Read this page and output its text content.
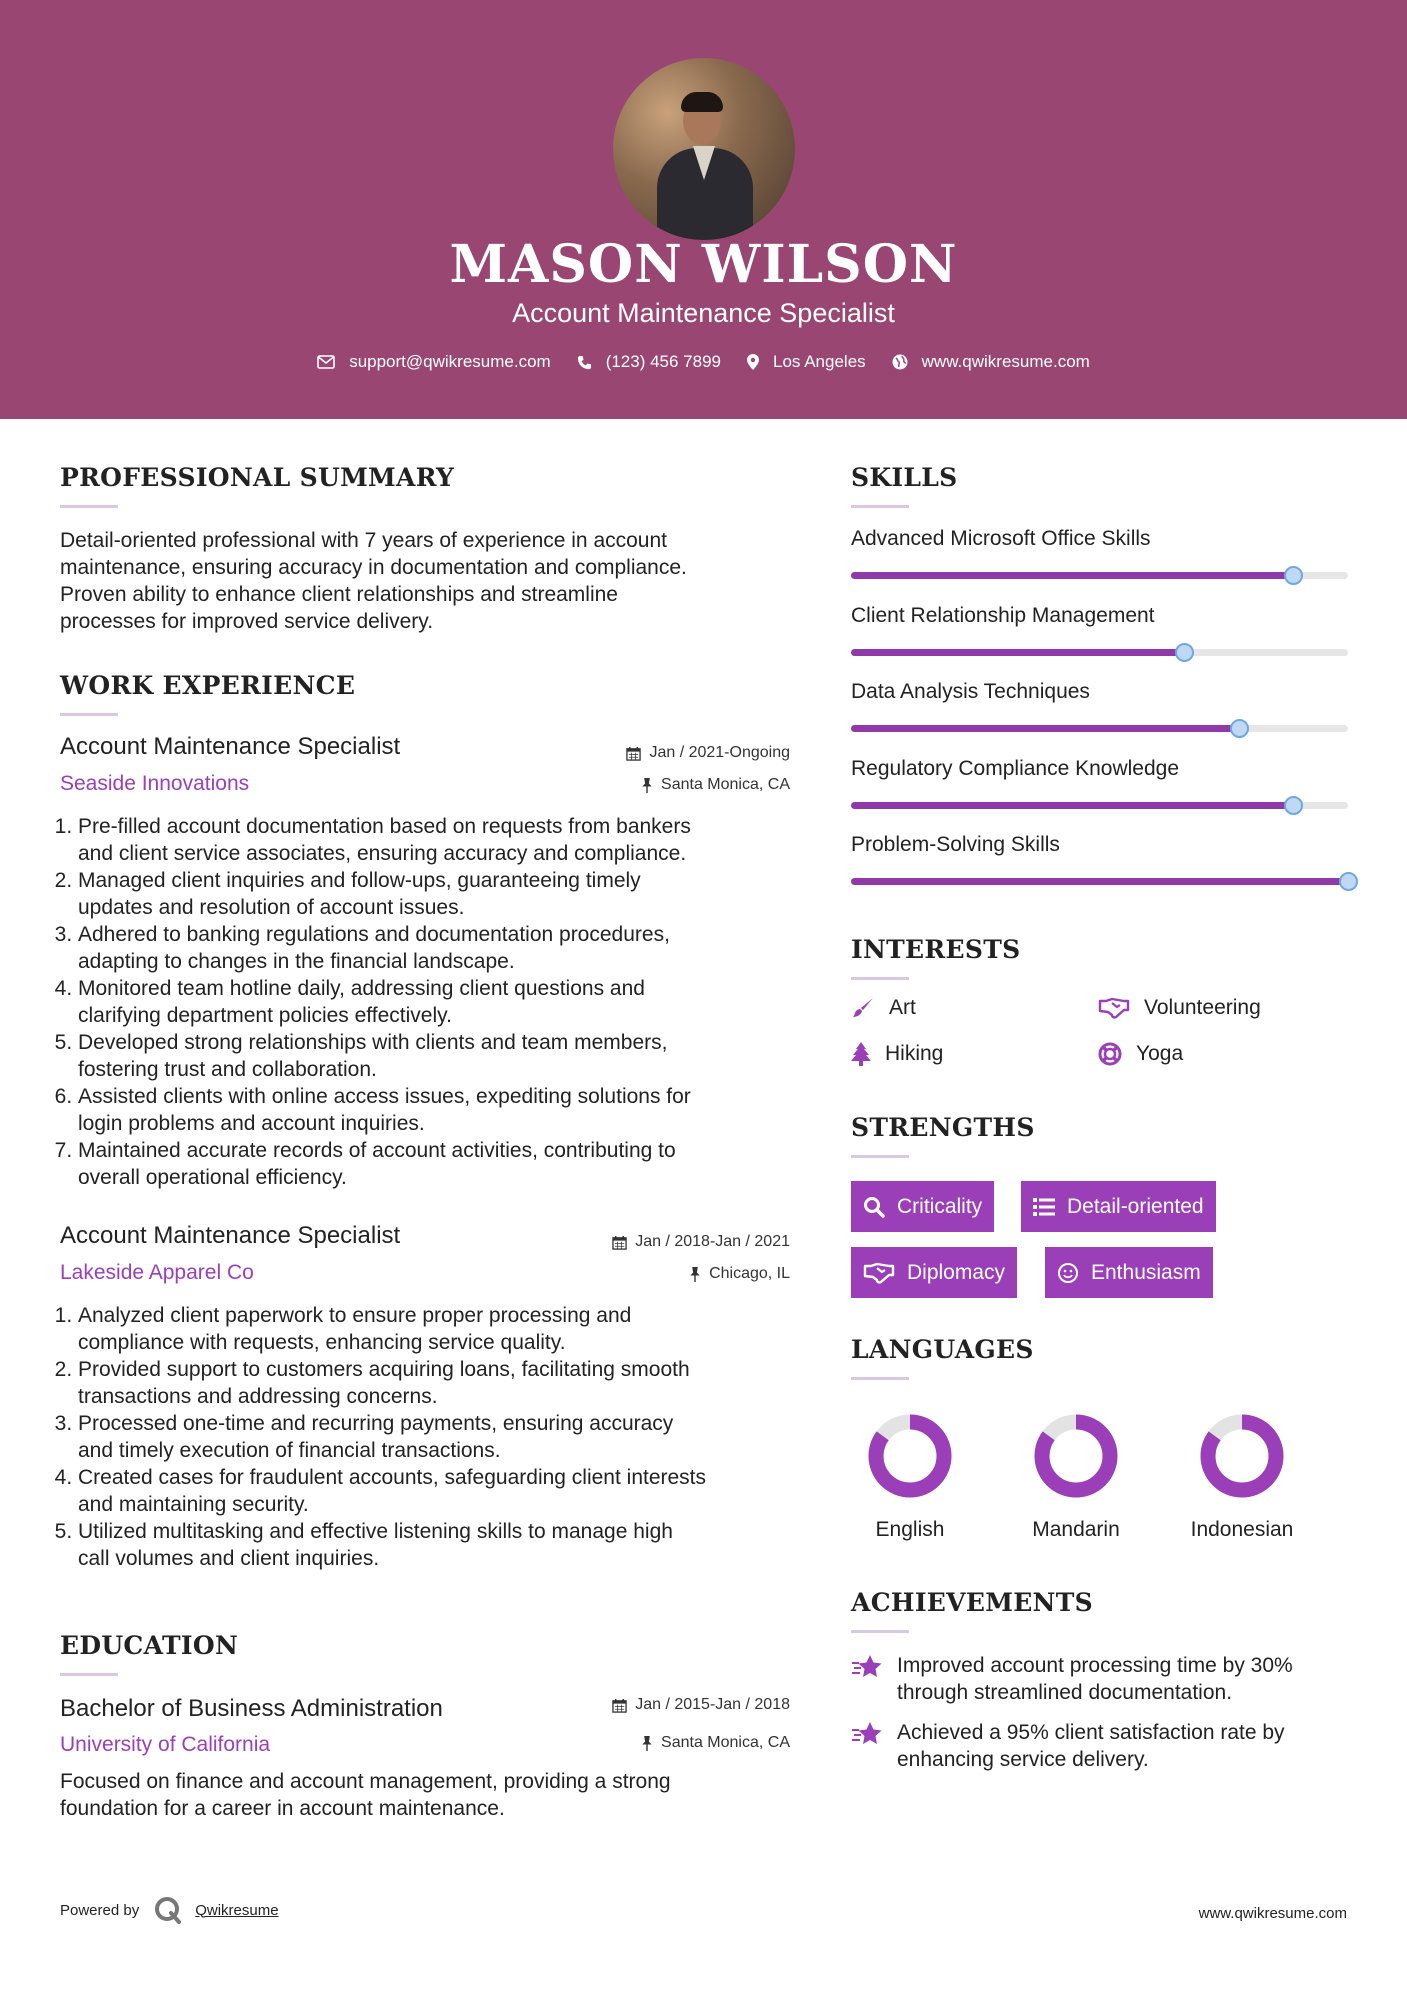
MASON WILSON
Account Maintenance Specialist
support@qwikresume.com	(123) 456 7899	Los Angeles	www.qwikresume.com
PROFESSIONAL SUMMARY
Detail-oriented professional with 7 years of experience in account
maintenance, ensuring accuracy in documentation and compliance.
Proven ability to enhance client relationships and streamline
processes for improved service delivery.
WORK EXPERIENCE
Account Maintenance Specialist	Jan / 2021-Ongoing
Seaside Innovations	Santa Monica, CA
1. Pre-filled account documentation based on requests from bankers
and client service associates, ensuring accuracy and compliance.
2. Managed client inquiries and follow-ups, guaranteeing timely
updates and resolution of account issues.
3. Adhered to banking regulations and documentation procedures,
adapting to changes in the financial landscape.
4. Monitored team hotline daily, addressing client questions and
clarifying department policies effectively.
5. Developed strong relationships with clients and team members,
fostering trust and collaboration.
6. Assisted clients with online access issues, expediting solutions for
login problems and account inquiries.
7. Maintained accurate records of account activities, contributing to
overall operational efficiency.
Account Maintenance Specialist	Jan / 2018-Jan / 2021
Lakeside Apparel Co	Chicago, IL
1. Analyzed client paperwork to ensure proper processing and
compliance with requests, enhancing service quality.
2. Provided support to customers acquiring loans, facilitating smooth
transactions and addressing concerns.
3. Processed one-time and recurring payments, ensuring accuracy
and timely execution of financial transactions.
4. Created cases for fraudulent accounts, safeguarding client interests
and maintaining security.
5. Utilized multitasking and effective listening skills to manage high
call volumes and client inquiries.
EDUCATION
Bachelor of Business Administration	Jan / 2015-Jan / 2018
University of California	Santa Monica, CA
Focused on finance and account management, providing a strong
foundation for a career in account maintenance.
SKILLS
Advanced Microsoft Office Skills
Client Relationship Management
Data Analysis Techniques
Regulatory Compliance Knowledge
Problem-Solving Skills
INTERESTS
Art	Volunteering
Hiking	Yoga
STRENGTHS
Criticality	Detail-oriented
Diplomacy	Enthusiasm
LANGUAGES
English	Mandarin	Indonesian
ACHIEVEMENTS
Improved account processing time by 30%
through streamlined documentation.
Achieved a 95% client satisfaction rate by
enhancing service delivery.
Powered by	Qwikresume	www.qwikresume.com
